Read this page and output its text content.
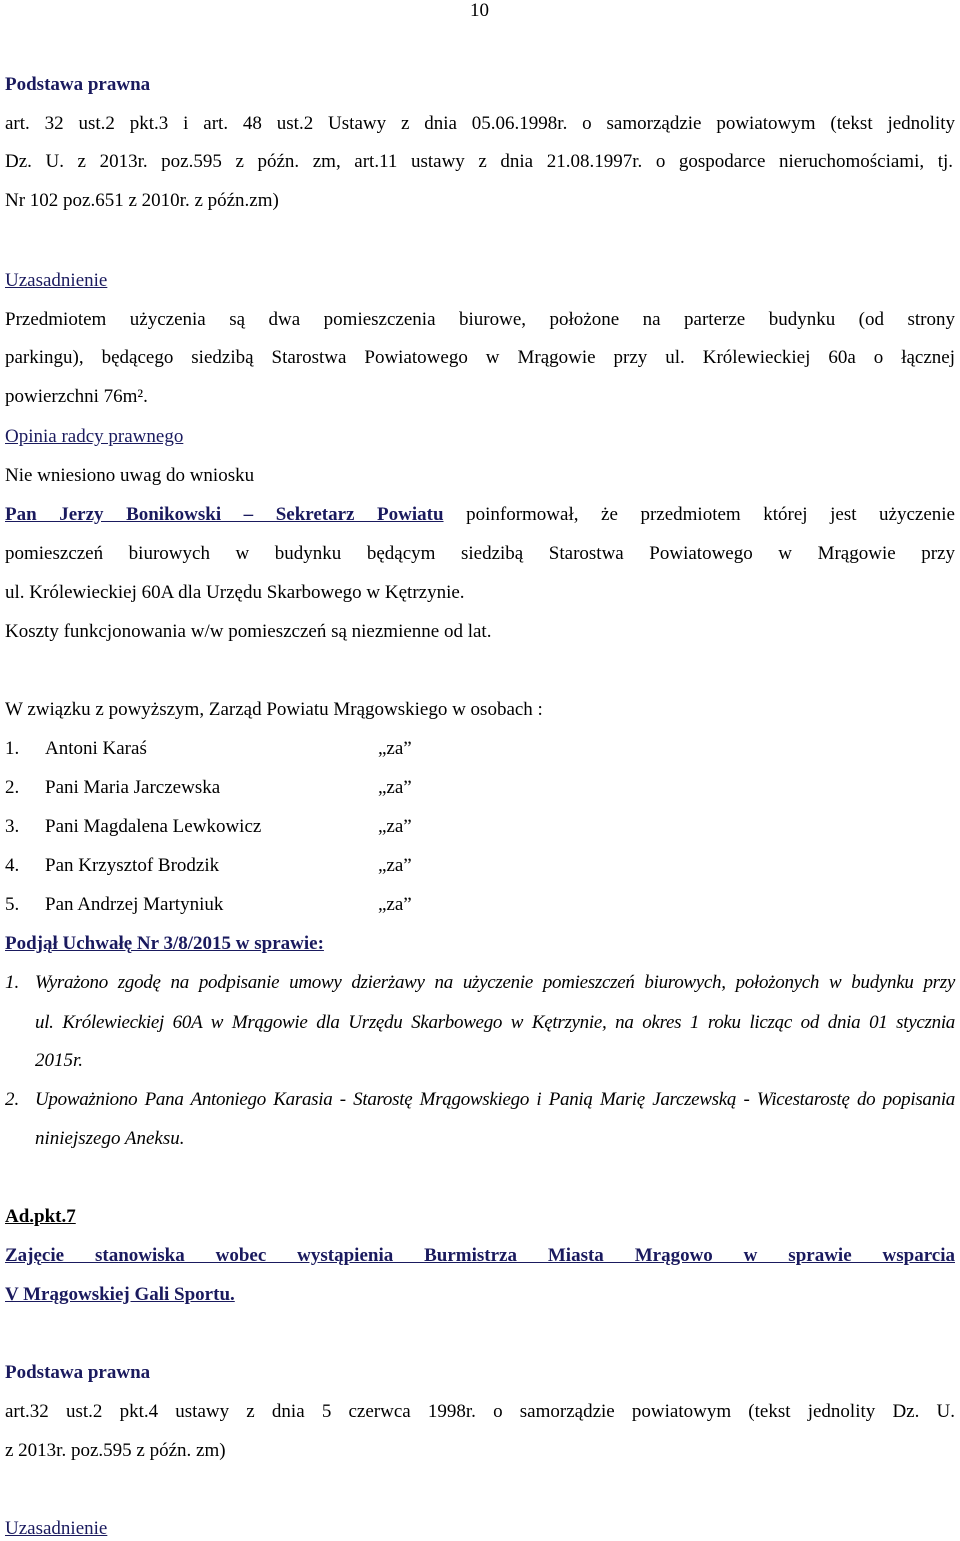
10
Podstawa prawna
art. 32 ust.2 pkt.3 i art. 48 ust.2 Ustawy z dnia 05.06.1998r. o samorządzie powiatowym (tekst jednolity
Dz. U. z 2013r. poz.595 z późn. zm, art.11 ustawy z dnia 21.08.1997r. o gospodarce nieruchomościami, tj.
Nr 102 poz.651 z 2010r. z późn.zm)
Uzasadnienie
Przedmiotem użyczenia są dwa pomieszczenia biurowe, położone na parterze budynku (od strony
parkingu), będącego siedzibą Starostwa Powiatowego w Mrągowie przy ul. Królewieckiej 60a o łącznej
powierzchni 76m².
Opinia radcy prawnego
Nie wniesiono uwag do wniosku
Pan Jerzy Bonikowski – Sekretarz Powiatu poinformował, że przedmiotem której jest użyczenie
pomieszczeń biurowych w budynku będącym siedzibą Starostwa Powiatowego w Mrągowie przy
ul. Królewieckiej 60A dla Urzędu Skarbowego w Kętrzynie.
Koszty funkcjonowania w/w pomieszczeń są niezmienne od lat.
W związku z powyższym, Zarząd Powiatu Mrągowskiego w osobach :
1. Antoni Karaś	„za”
2. Pani Maria Jarczewska	„za”
3. Pani Magdalena Lewkowicz	„za”
4. Pan Krzysztof Brodzik	„za”
5. Pan Andrzej Martyniuk	„za”
Podjął Uchwałę Nr 3/8/2015 w sprawie:
1. Wyrażono zgodę na podpisanie umowy dzierżawy na użyczenie pomieszczeń biurowych, położonych w budynku przy
ul. Królewieckiej 60A w Mrągowie dla Urzędu Skarbowego w Kętrzynie, na okres 1 roku licząc od dnia 01 stycznia
2015r.
2. Upoważniono Pana Antoniego Karasia - Starostę Mrągowskiego i Panią Marię Jarczewską - Wicestarostę do popisania
niniejszego Aneksu.
Ad.pkt.7
Zajęcie stanowiska wobec wystąpienia Burmistrza Miasta Mrągowo w sprawie wsparcia
V Mrągowskiej Gali Sportu.
Podstawa prawna
art.32 ust.2 pkt.4 ustawy z dnia 5 czerwca 1998r. o samorządzie powiatowym (tekst jednolity Dz. U.
z 2013r. poz.595 z późn. zm)
Uzasadnienie
